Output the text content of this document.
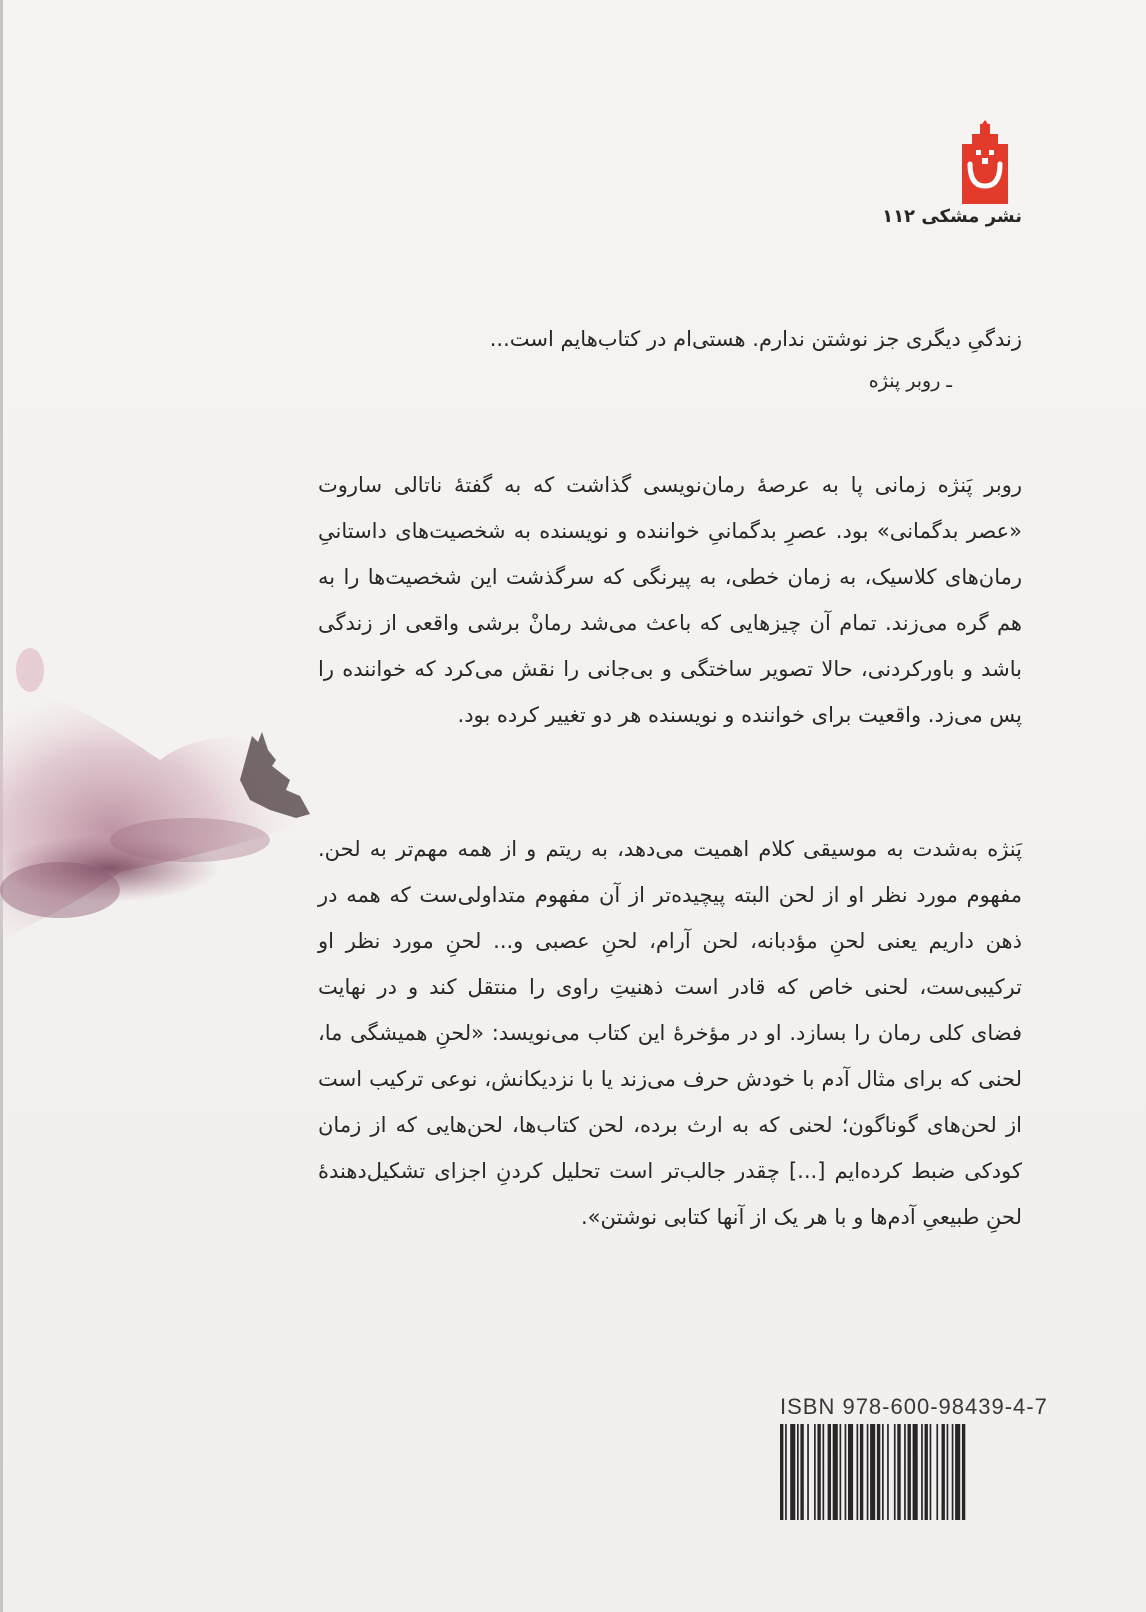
نشر مشکی ۱۱۲
زندگیِ دیگری جز نوشتن ندارم. هستی‌ام در کتاب‌هایم است...
ـ روبر پنژه
روبر پَنژه زمانی پا به عرصهٔ رمان‌نویسی گذاشت که به گفتهٔ ناتالی ساروت «عصر بدگمانی» بود. عصرِ بدگمانیِ خواننده و نویسنده به شخصیت‌های داستانیِ رمان‌های کلاسیک، به زمان خطی، به پیرنگی که سرگذشت این شخصیت‌ها را به هم گره می‌زند. تمام آن چیزهایی که باعث می‌شد رمانْ برشی واقعی از زندگی باشد و باورکردنی، حالا تصویر ساختگی و بی‌جانی را نقش می‌کرد که خواننده را پس می‌زد. واقعیت برای خواننده و نویسنده هر دو تغییر کرده بود.
پَنژه به‌شدت به موسیقی کلام اهمیت می‌دهد، به ریتم و از همه مهم‌تر به لحن. مفهوم مورد نظر او از لحن البته پیچیده‌تر از آن مفهوم متداولی‌ست که همه در ذهن داریم یعنی لحنِ مؤدبانه، لحن آرام، لحنِ عصبی و... لحنِ مورد نظر او ترکیبی‌ست، لحنی خاص که قادر است ذهنیتِ راوی را منتقل کند و در نهایت فضای کلی رمان را بسازد. او در مؤخرهٔ این کتاب می‌نویسد: «لحنِ همیشگی ما، لحنی که برای مثال آدم با خودش حرف می‌زند یا با نزدیکانش، نوعی ترکیب است از لحن‌های گوناگون؛ لحنی که به ارث برده، لحن کتاب‌ها، لحن‌هایی که از زمان کودکی ضبط کرده‌ایم [...] چقدر جالب‌تر است تحلیل کردنِ اجزای تشکیل‌دهندهٔ لحنِ طبیعیِ آدم‌ها و با هر یک از آنها کتابی نوشتن».
ISBN 978-600-98439-4-7
